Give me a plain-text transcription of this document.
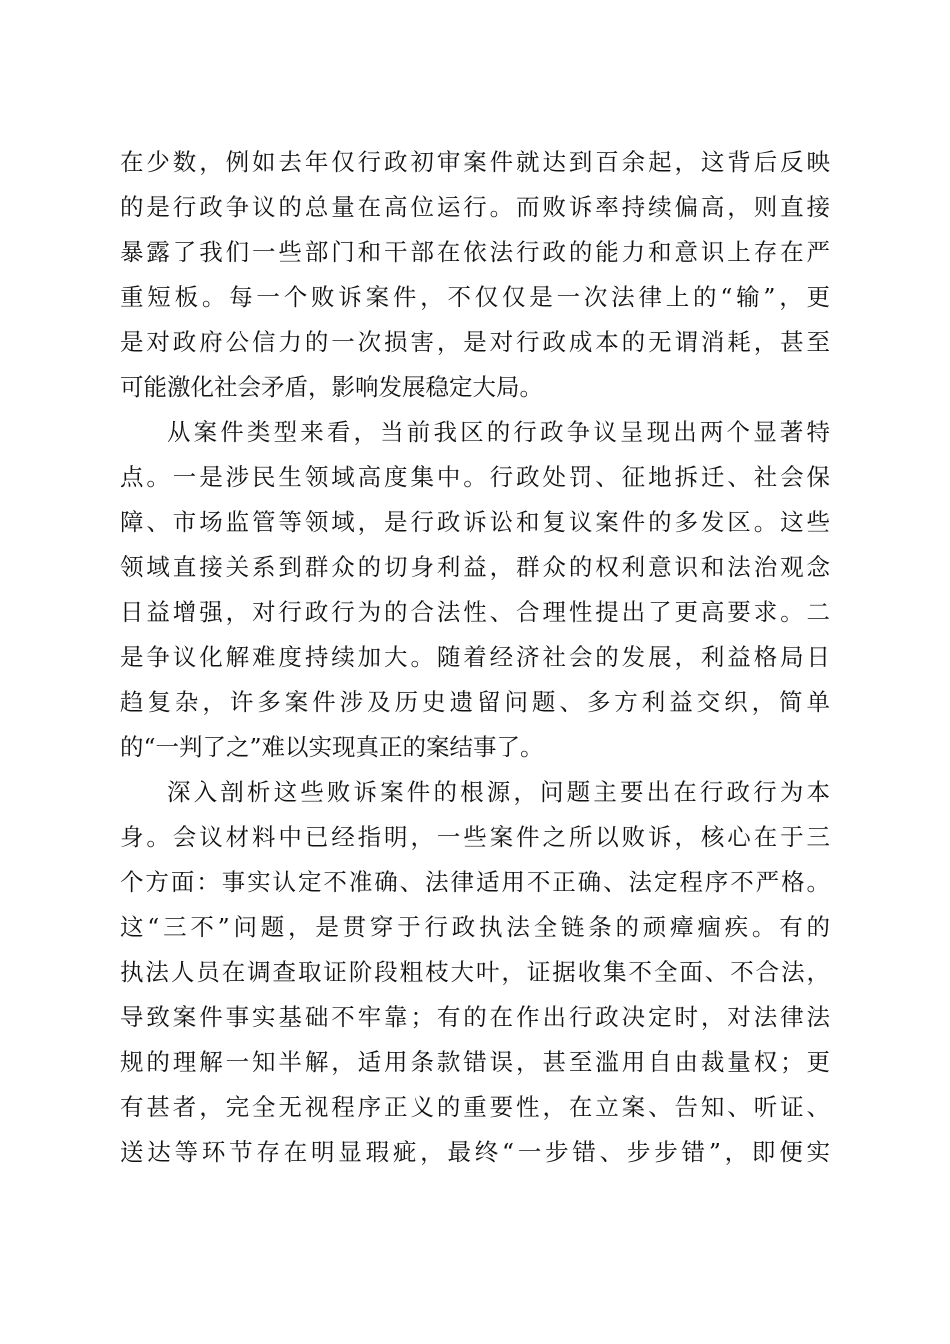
在少数，例如去年仅行政初审案件就达到百余起，这背后反映
的是行政争议的总量在高位运行。而败诉率持续偏高，则直接
暴露了我们一些部门和干部在依法行政的能力和意识上存在严
重短板。每一个败诉案件，不仅仅是一次法律上的“输”，更
是对政府公信力的一次损害，是对行政成本的无谓消耗，甚至
可能激化社会矛盾，影响发展稳定大局。
从案件类型来看，当前我区的行政争议呈现出两个显著特
点。一是涉民生领域高度集中。行政处罚、征地拆迁、社会保
障、市场监管等领域，是行政诉讼和复议案件的多发区。这些
领域直接关系到群众的切身利益，群众的权利意识和法治观念
日益增强，对行政行为的合法性、合理性提出了更高要求。二
是争议化解难度持续加大。随着经济社会的发展，利益格局日
趋复杂，许多案件涉及历史遗留问题、多方利益交织，简单
的“一判了之”难以实现真正的案结事了。
深入剖析这些败诉案件的根源，问题主要出在行政行为本
身。会议材料中已经指明，一些案件之所以败诉，核心在于三
个方面：事实认定不准确、法律适用不正确、法定程序不严格。
这“三不”问题，是贯穿于行政执法全链条的顽瘴痼疾。有的
执法人员在调查取证阶段粗枝大叶，证据收集不全面、不合法，
导致案件事实基础不牢靠；有的在作出行政决定时，对法律法
规的理解一知半解，适用条款错误，甚至滥用自由裁量权；更
有甚者，完全无视程序正义的重要性，在立案、告知、听证、
送达等环节存在明显瑕疵，最终“一步错、步步错”，即便实
